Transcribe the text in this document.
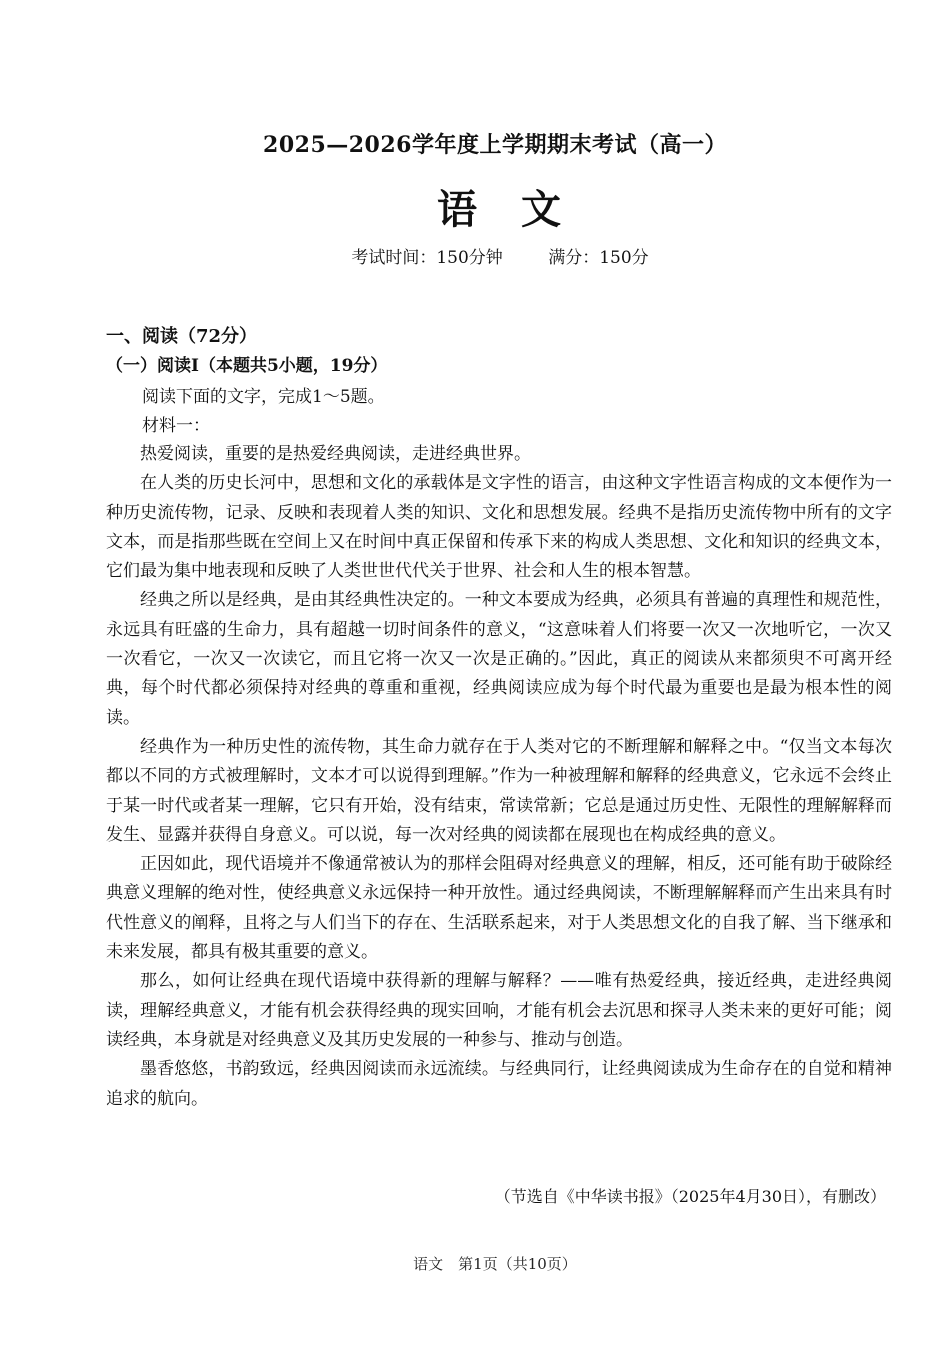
2025—2026学年度上学期期末考试（高一）
语　文
考试时间：150分钟	满分：150分
一、阅读（72分）
（一）阅读Ⅰ（本题共5小题，19分）
阅读下面的文字，完成1～5题。
材料一：

热爱阅读，重要的是热爱经典阅读，走进经典世界。

在人类的历史长河中，思想和文化的承载体是文字性的语言，由这种文字性语言构成的文本便作为一种历史流传物，记录、反映和表现着人类的知识、文化和思想发展。经典不是指历史流传物中所有的文字文本，而是指那些既在空间上又在时间中真正保留和传承下来的构成人类思想、文化和知识的经典文本，它们最为集中地表现和反映了人类世世代代关于世界、社会和人生的根本智慧。

经典之所以是经典，是由其经典性决定的。一种文本要成为经典，必须具有普遍的真理性和规范性，永远具有旺盛的生命力，具有超越一切时间条件的意义，“这意味着人们将要一次又一次地听它，一次又一次看它，一次又一次读它，而且它将一次又一次是正确的。”因此，真正的阅读从来都须臾不可离开经典，每个时代都必须保持对经典的尊重和重视，经典阅读应成为每个时代最为重要也是最为根本性的阅读。

经典作为一种历史性的流传物，其生命力就存在于人类对它的不断理解和解释之中。“仅当文本每次都以不同的方式被理解时，文本才可以说得到理解。”作为一种被理解和解释的经典意义，它永远不会终止于某一时代或者某一理解，它只有开始，没有结束，常读常新；它总是通过历史性、无限性的理解解释而发生、显露并获得自身意义。可以说，每一次对经典的阅读都在展现也在构成经典的意义。

正因如此，现代语境并不像通常被认为的那样会阻碍对经典意义的理解，相反，还可能有助于破除经典意义理解的绝对性，使经典意义永远保持一种开放性。通过经典阅读，不断理解解释而产生出来具有时代性意义的阐释，且将之与人们当下的存在、生活联系起来，对于人类思想文化的自我了解、当下继承和未来发展，都具有极其重要的意义。

那么，如何让经典在现代语境中获得新的理解与解释？——唯有热爱经典，接近经典，走进经典阅读，理解经典意义，才能有机会获得经典的现实回响，才能有机会去沉思和探寻人类未来的更好可能；阅读经典，本身就是对经典意义及其历史发展的一种参与、推动与创造。

墨香悠悠，书韵致远，经典因阅读而永远流续。与经典同行，让经典阅读成为生命存在的自觉和精神追求的航向。

（节选自《中华读书报》（2025年4月30日），有删改）
语文　第1页（共10页）
